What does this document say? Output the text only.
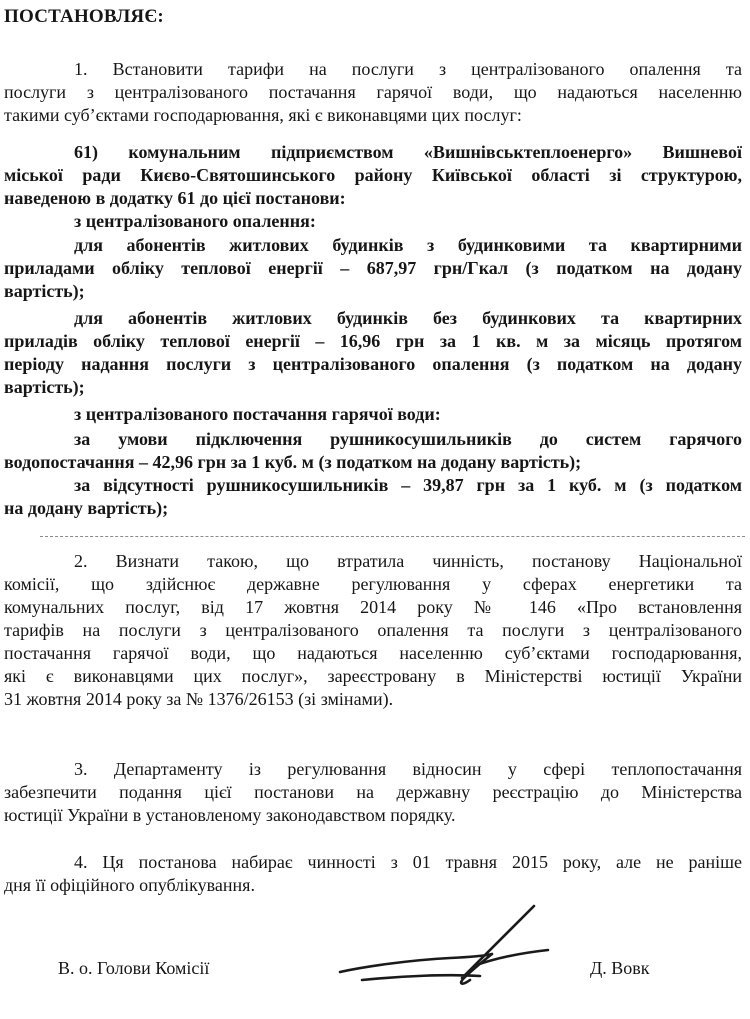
ПОСТАНОВЛЯЄ:
1. Встановити тарифи на послуги з централізованого опалення та
послуги з централізованого постачання гарячої води, що надаються населенню
такими суб’єктами господарювання, які є виконавцями цих послуг:
61) комунальним підприємством «Вишнівськтеплоенерго» Вишневої
міської ради Києво-Святошинського району Київської області зі структурою,
наведеною в додатку 61 до цієї постанови:
з централізованого опалення:
для абонентів житлових будинків з будинковими та квартирними
приладами обліку теплової енергії – 687,97 грн/Гкал (з податком на додану
вартість);
для абонентів житлових будинків без будинкових та квартирних
приладів обліку теплової енергії – 16,96 грн за 1 кв. м за місяць протягом
періоду надання послуги з централізованого опалення (з податком на додану
вартість);
з централізованого постачання гарячої води:
за умови підключення рушникосушильників до систем гарячого
водопостачання – 42,96 грн за 1 куб. м (з податком на додану вартість);
за відсутності рушникосушильників – 39,87 грн за 1 куб. м (з податком
на додану вартість);
2. Визнати такою, що втратила чинність, постанову Національної
комісії, що здійснює державне регулювання у сферах енергетики та
комунальних послуг, від 17 жовтня 2014 року № 146 «Про встановлення
тарифів на послуги з централізованого опалення та послуги з централізованого
постачання гарячої води, що надаються населенню суб’єктами господарювання,
які є виконавцями цих послуг», зареєстровану в Міністерстві юстиції України
31 жовтня 2014 року за № 1376/26153 (зі змінами).
3. Департаменту із регулювання відносин у сфері теплопостачання
забезпечити подання цієї постанови на державну реєстрацію до Міністерства
юстиції України в установленому законодавством порядку.
4. Ця постанова набирає чинності з 01 травня 2015 року, але не раніше
дня її офіційного опублікування.
В. о. Голови Комісії	Д. Вовк
